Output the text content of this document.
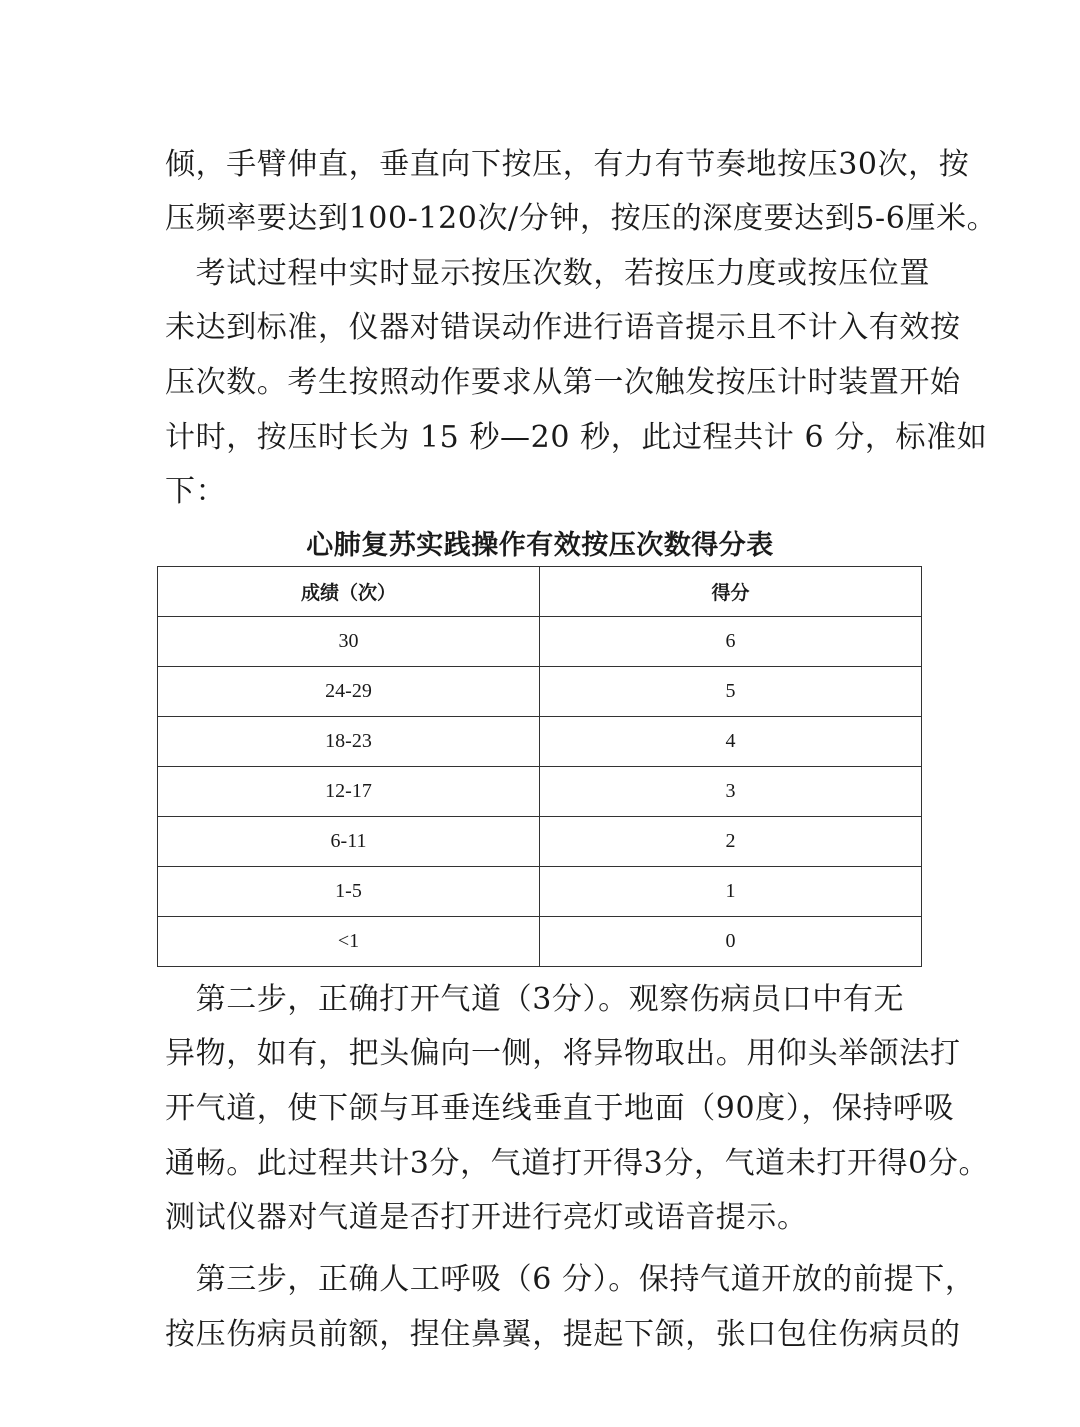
倾，手臂伸直，垂直向下按压，有力有节奏地按压30次，按
压频率要达到100-120次/分钟，按压的深度要达到5-6厘米。
　考试过程中实时显示按压次数，若按压力度或按压位置
未达到标准，仪器对错误动作进行语音提示且不计入有效按
压次数。考生按照动作要求从第一次触发按压计时装置开始
计时，按压时长为 15 秒—20 秒，此过程共计 6 分，标准如
下：
心肺复苏实践操作有效按压次数得分表
成绩（次）	得分
30	6
24-29	5
18-23	4
12-17	3
6-11	2
1-5	1
<1	0
　第二步，正确打开气道（3分）。观察伤病员口中有无
异物，如有，把头偏向一侧，将异物取出。用仰头举颌法打
开气道，使下颌与耳垂连线垂直于地面（90度），保持呼吸
通畅。此过程共计3分，气道打开得3分，气道未打开得0分。
测试仪器对气道是否打开进行亮灯或语音提示。
　第三步，正确人工呼吸（6 分）。保持气道开放的前提下，
按压伤病员前额，捏住鼻翼，提起下颌，张口包住伤病员的
